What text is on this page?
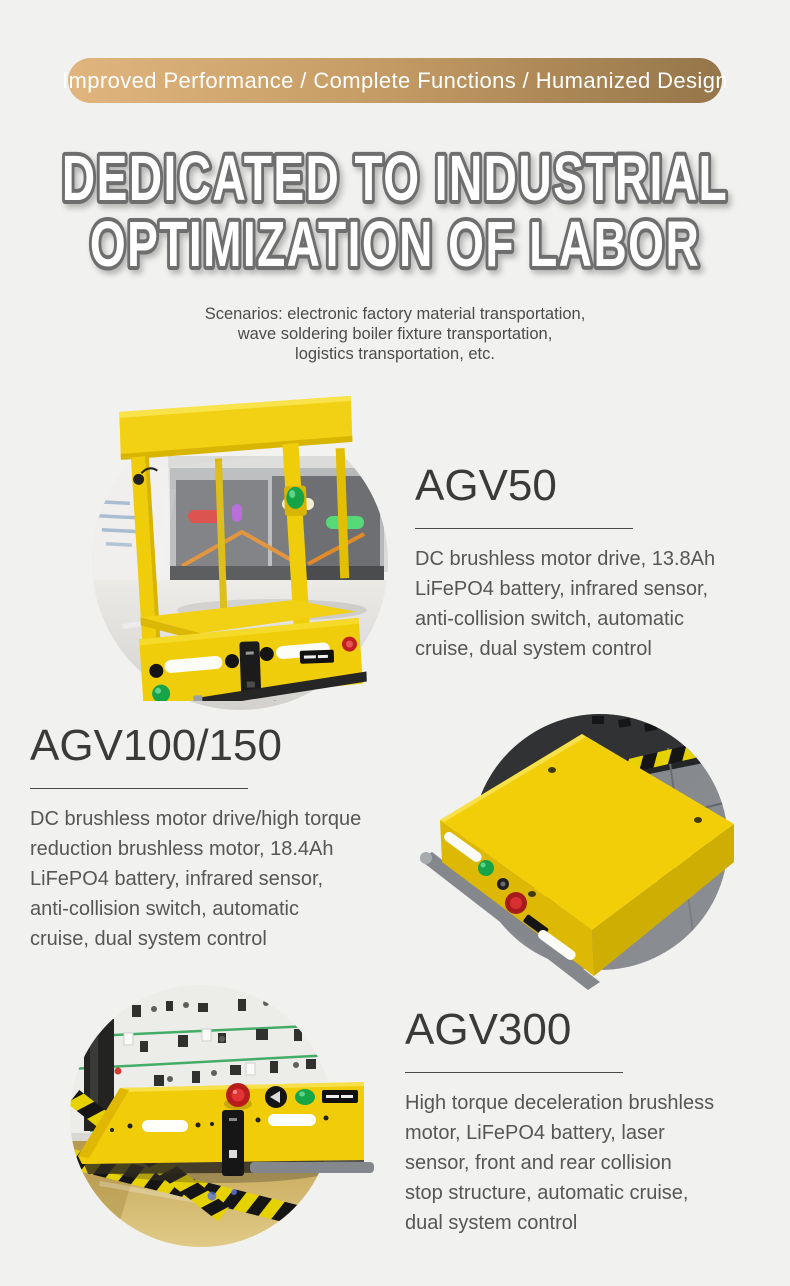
Improved Performance / Complete Functions / Humanized Design
DEDICATED TO INDUSTRIAL
OPTIMIZATION OF LABOR
Scenarios: electronic factory material transportation,
wave soldering boiler fixture transportation,
logistics transportation, etc.
AGV50

DC brushless motor drive, 13.8Ah
LiFePO4 battery, infrared sensor,
anti-collision switch, automatic
cruise, dual system control

AGV100/150

DC brushless motor drive/high torque
reduction brushless motor, 18.4Ah
LiFePO4 battery, infrared sensor,
anti-collision switch, automatic
cruise, dual system control

AGV300

High torque deceleration brushless
motor, LiFePO4 battery, laser
sensor, front and rear collision
stop structure, automatic cruise,
dual system control
